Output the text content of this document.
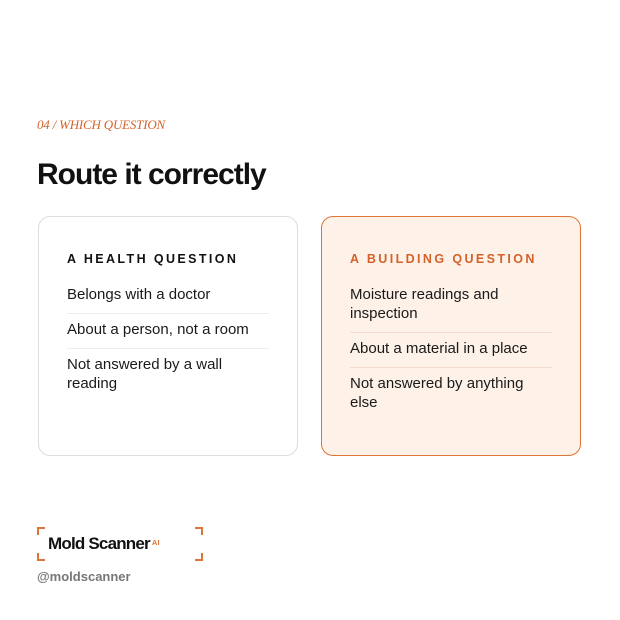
04 / WHICH QUESTION
Route it correctly
A HEALTH QUESTION
Belongs with a doctor
About a person, not a room
Not answered by a wall reading
A BUILDING QUESTION
Moisture readings and inspection
About a material in a place
Not answered by anything else
Mold Scanner $^{AI}$
@moldscanner
